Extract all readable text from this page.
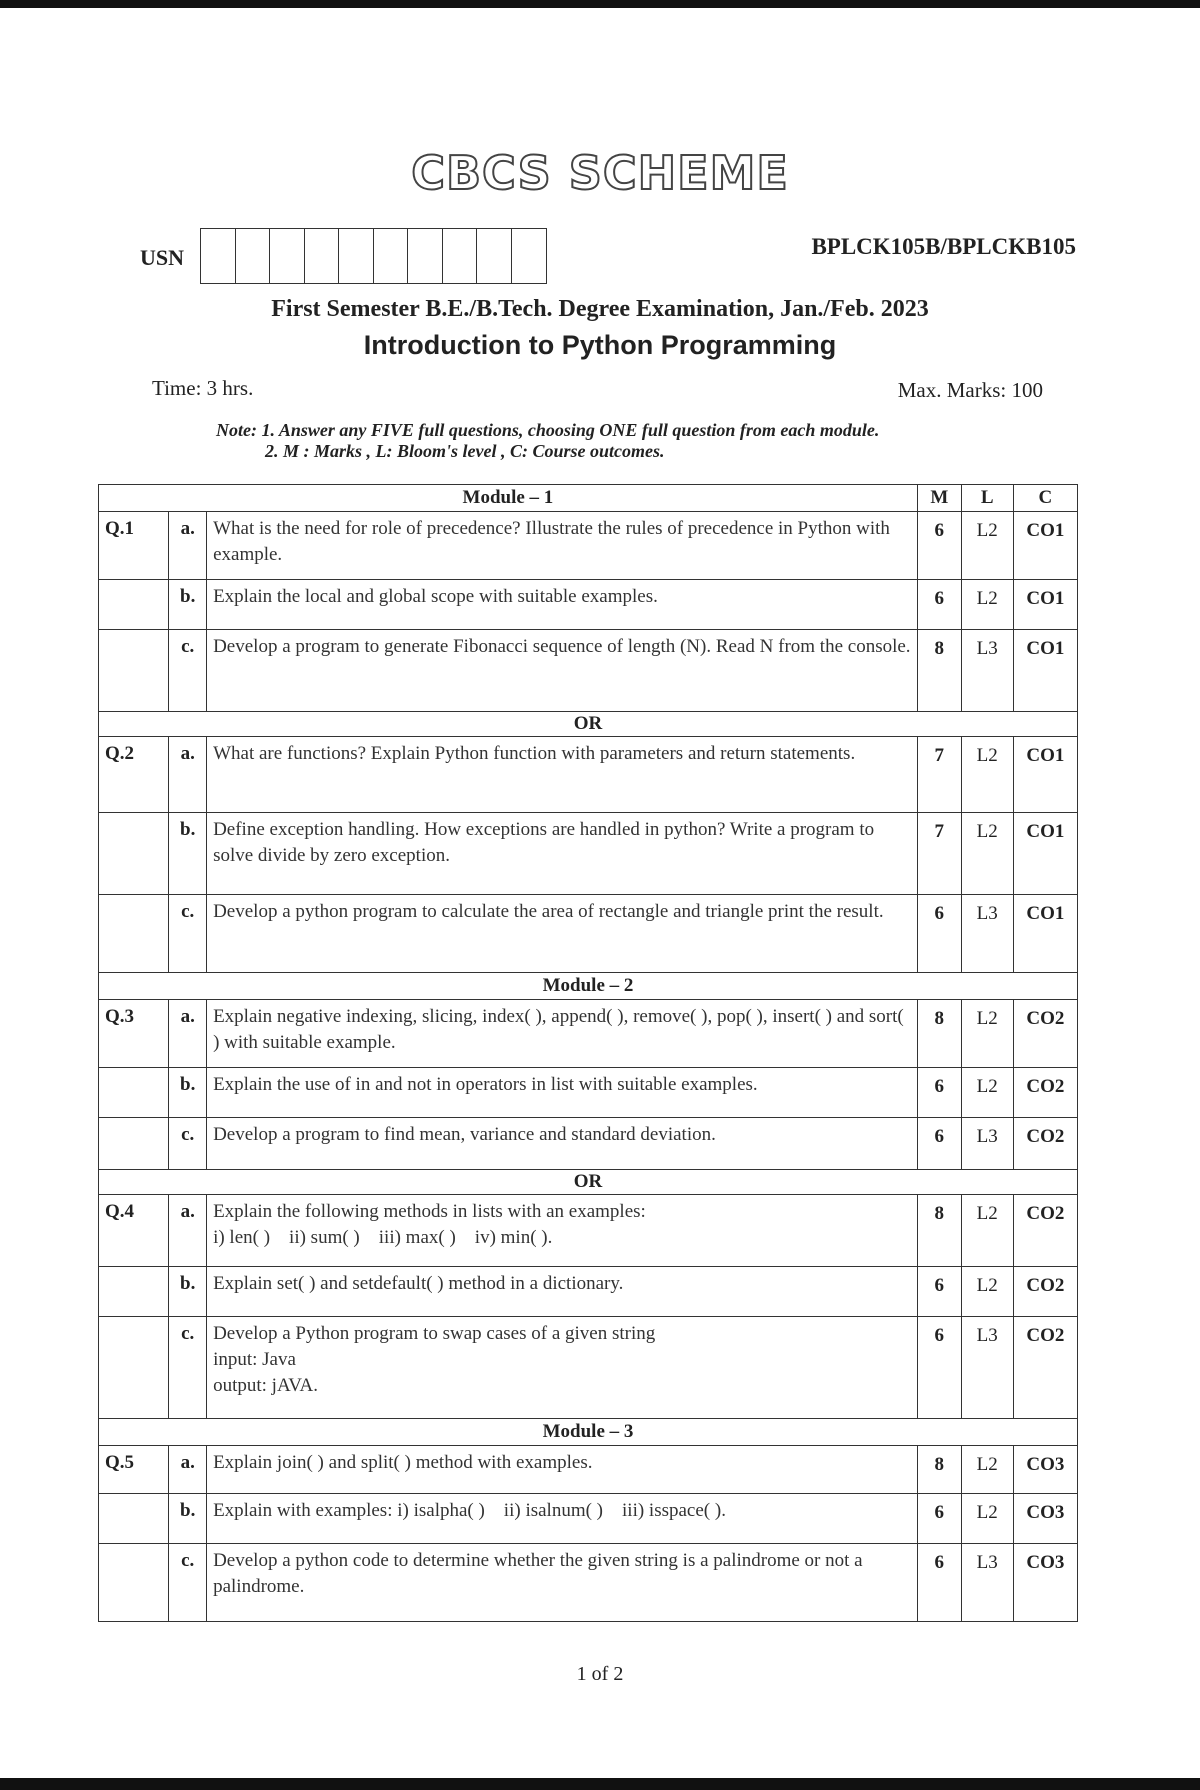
CBCS SCHEME
USN	BPLCK105B/BPLCKB105
First Semester B.E./B.Tech. Degree Examination, Jan./Feb. 2023
Introduction to Python Programming
Time: 3 hrs.	Max. Marks: 100
Note: 1. Answer any FIVE full questions, choosing ONE full question from each module.
2. M : Marks , L: Bloom's level , C: Course outcomes.
Module – 1			M	L	C
Q.1	a.	What is the need for role of precedence? Illustrate the rules of precedence in Python with example.	6	L2	CO1
	b.	Explain the local and global scope with suitable examples.	6	L2	CO1
	c.	Develop a program to generate Fibonacci sequence of length (N). Read N from the console.	8	L3	CO1
OR					
Q.2	a.	What are functions? Explain Python function with parameters and return statements.	7	L2	CO1
	b.	Define exception handling. How exceptions are handled in python? Write a program to solve divide by zero exception.	7	L2	CO1
	c.	Develop a python program to calculate the area of rectangle and triangle print the result.	6	L3	CO1
Module – 2					
Q.3	a.	Explain negative indexing, slicing, index( ), append( ), remove( ), pop( ), insert( ) and sort( ) with suitable example.	8	L2	CO2
	b.	Explain the use of in and not in operators in list with suitable examples.	6	L2	CO2
	c.	Develop a program to find mean, variance and standard deviation.	6	L3	CO2
OR					
Q.4	a.	Explain the following methods in lists with an examples:
i) len( )    ii) sum( )    iii) max( )    iv) min( ).	8	L2	CO2
	b.	Explain set( ) and setdefault( ) method in a dictionary.	6	L2	CO2
	c.	Develop a Python program to swap cases of a given string
input: Java
output: jAVA.	6	L3	CO2
Module – 3					
Q.5	a.	Explain join( ) and split( ) method with examples.	8	L2	CO3
	b.	Explain with examples: i) isalpha( )    ii) isalnum( )    iii) isspace( ).	6	L2	CO3
	c.	Develop a python code to determine whether the given string is a palindrome or not a palindrome.	6	L3	CO3
1 of 2
